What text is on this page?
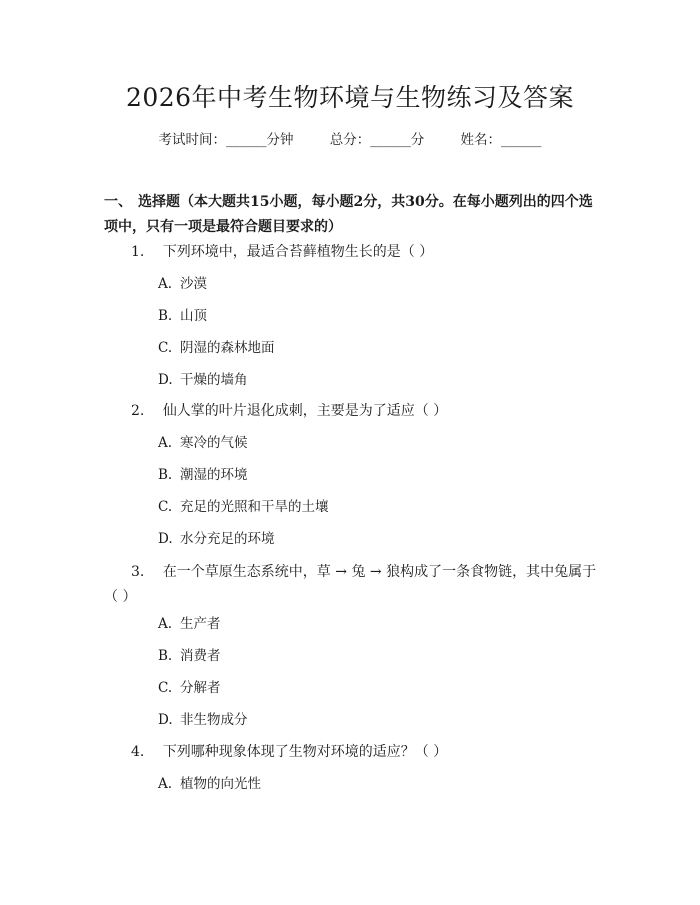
2026年中考生物环境与生物练习及答案
考试时间：______分钟	总分：______分	姓名：______
一、 选择题（本大题共15小题，每小题2分，共30分。在每小题列出的四个选项中，只有一项是最符合题目要求的）
1. 下列环境中，最适合苔藓植物生长的是（ ）
A. 沙漠
B. 山顶
C. 阴湿的森林地面
D. 干燥的墙角
2. 仙人掌的叶片退化成刺，主要是为了适应（ ）
A. 寒冷的气候
B. 潮湿的环境
C. 充足的光照和干旱的土壤
D. 水分充足的环境
3. 在一个草原生态系统中，草 → 兔 → 狼构成了一条食物链，其中兔属于（ ）
A. 生产者
B. 消费者
C. 分解者
D. 非生物成分
4. 下列哪种现象体现了生物对环境的适应？（ ）
A. 植物的向光性
